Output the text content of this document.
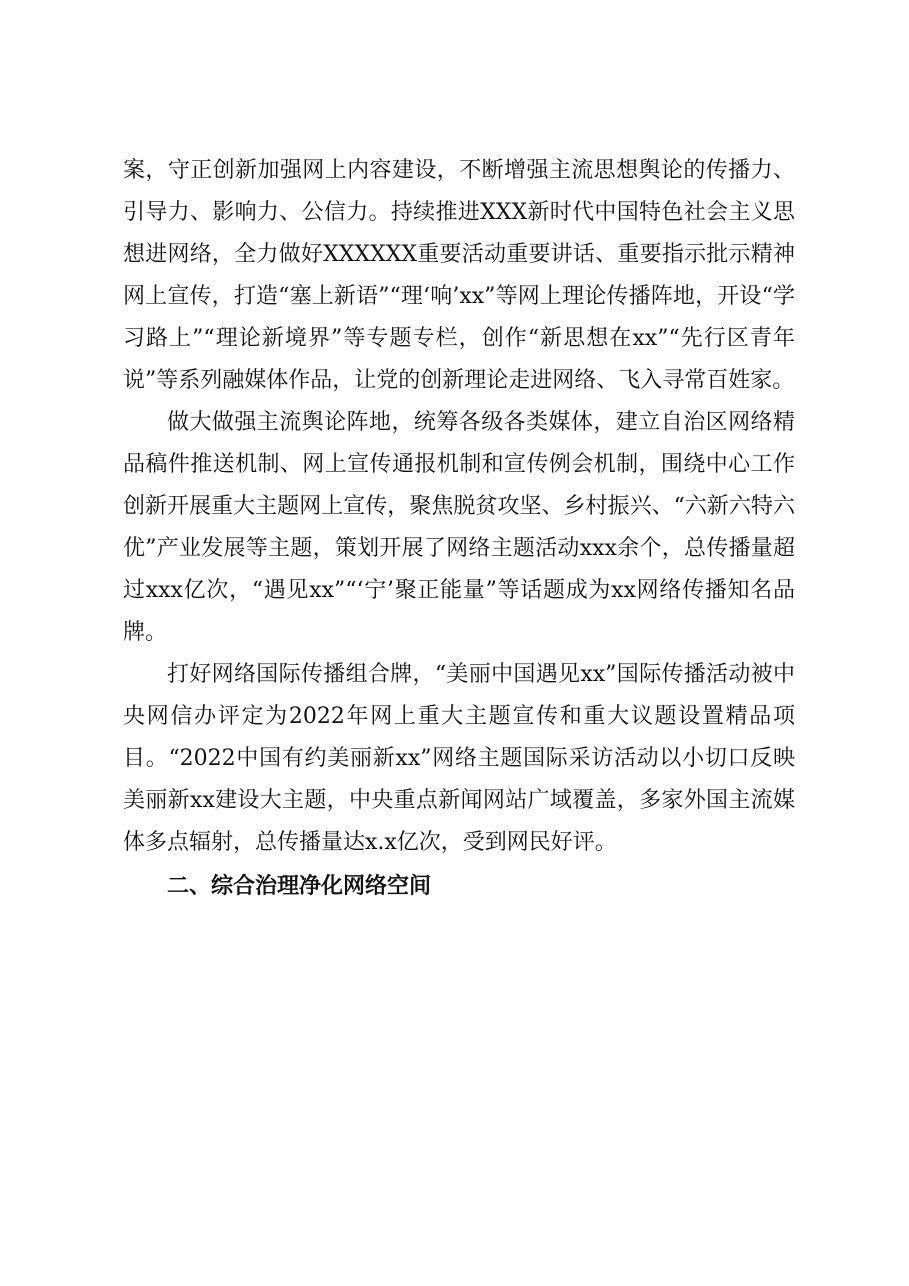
案，守正创新加强网上内容建设，不断增强主流思想舆论的传播力、引导力、影响力、公信力。持续推进XXX新时代中国特色社会主义思想进网络，全力做好XXXXXX重要活动重要讲话、重要指示批示精神网上宣传，打造“塞上新语”“理‘响’xx”等网上理论传播阵地，开设“学习路上”“理论新境界”等专题专栏，创作“新思想在xx”“先行区青年说”等系列融媒体作品，让党的创新理论走进网络、飞入寻常百姓家。

做大做强主流舆论阵地，统筹各级各类媒体，建立自治区网络精品稿件推送机制、网上宣传通报机制和宣传例会机制，围绕中心工作创新开展重大主题网上宣传，聚焦脱贫攻坚、乡村振兴、“六新六特六优”产业发展等主题，策划开展了网络主题活动xxx余个，总传播量超过xxx亿次，“遇见xx”“‘宁’聚正能量”等话题成为xx网络传播知名品牌。

打好网络国际传播组合牌，“美丽中国遇见xx”国际传播活动被中央网信办评定为2022年网上重大主题宣传和重大议题设置精品项目。“2022中国有约美丽新xx”网络主题国际采访活动以小切口反映美丽新xx建设大主题，中央重点新闻网站广域覆盖，多家外国主流媒体多点辐射，总传播量达x.x亿次，受到网民好评。

二、综合治理净化网络空间
